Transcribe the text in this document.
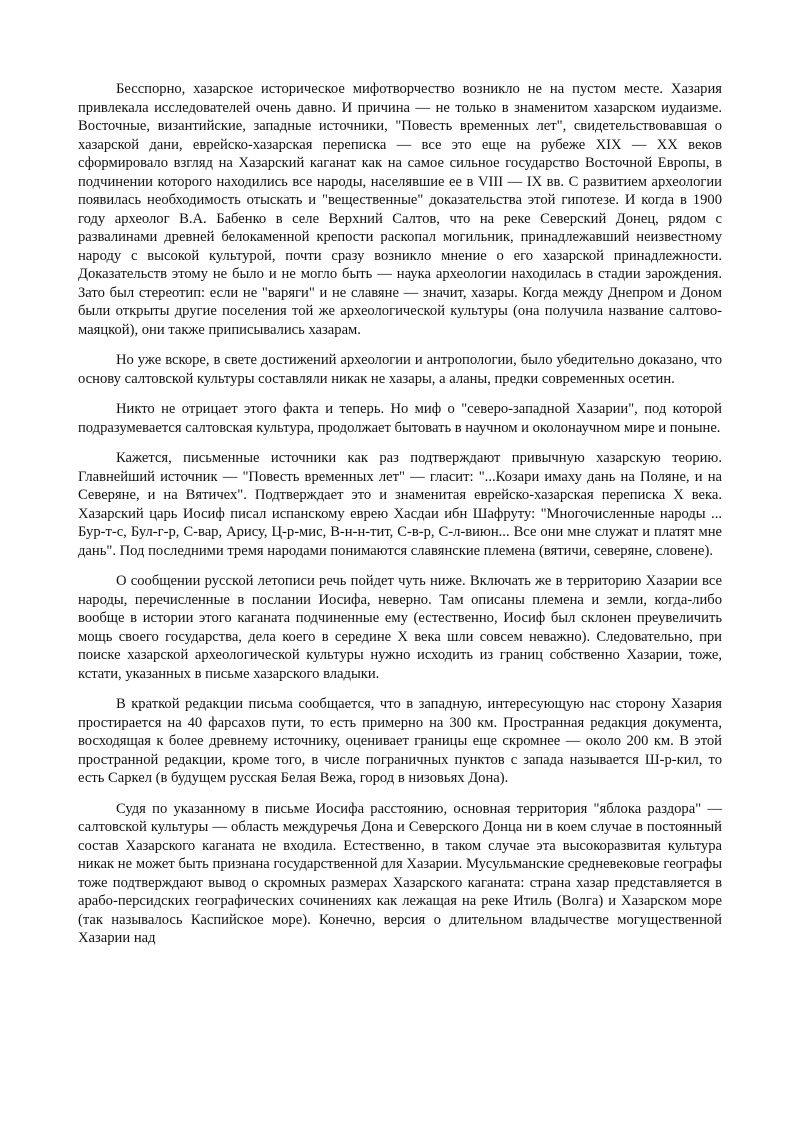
Бесспорно, хазарское историческое мифотворчество возникло не на пустом месте. Хазария привлекала исследователей очень давно. И причина — не только в знаменитом хазарском иудаизме. Восточные, византийские, западные источники, "Повесть временных лет", свидетельствовавшая о хазарской дани, еврейско-хазарская переписка — все это еще на рубеже XIX — XX веков сформировало взгляд на Хазарский каганат как на самое сильное государство Восточной Европы, в подчинении которого находились все народы, населявшие ее в VIII — IX вв. С развитием археологии появилась необходимость отыскать и "вещественные" доказательства этой гипотезе. И когда в 1900 году археолог В.А. Бабенко в селе Верхний Салтов, что на реке Северский Донец, рядом с развалинами древней белокаменной крепости раскопал могильник, принадлежавший неизвестному народу с высокой культурой, почти сразу возникло мнение о его хазарской принадлежности. Доказательств этому не было и не могло быть — наука археологии находилась в стадии зарождения. Зато был стереотип: если не "варяги" и не славяне — значит, хазары. Когда между Днепром и Доном были открыты другие поселения той же археологической культуры (она получила название салтово-маяцкой), они также приписывались хазарам.

Но уже вскоре, в свете достижений археологии и антропологии, было убедительно доказано, что основу салтовской культуры составляли никак не хазары, а аланы, предки современных осетин.

Никто не отрицает этого факта и теперь. Но миф о "северо-западной Хазарии", под которой подразумевается салтовская культура, продолжает бытовать в научном и околонаучном мире и поныне.

Кажется, письменные источники как раз подтверждают привычную хазарскую теорию. Главнейший источник — "Повесть временных лет" — гласит: "...Козари имаху дань на Поляне, и на Северяне, и на Вятичех". Подтверждает это и знаменитая еврейско-хазарская переписка X века. Хазарский царь Иосиф писал испанскому еврею Хасдаи ибн Шафруту: "Многочисленные народы ... Бур-т-с, Бул-г-р, С-вар, Арису, Ц-р-мис, В-н-н-тит, С-в-р, С-л-виюн... Все они мне служат и платят мне дань". Под последними тремя народами понимаются славянские племена (вятичи, северяне, словене).

О сообщении русской летописи речь пойдет чуть ниже. Включать же в территорию Хазарии все народы, перечисленные в послании Иосифа, неверно. Там описаны племена и земли, когда-либо вообще в истории этого каганата подчиненные ему (естественно, Иосиф был склонен преувеличить мощь своего государства, дела коего в середине X века шли совсем неважно). Следовательно, при поиске хазарской археологической культуры нужно исходить из границ собственно Хазарии, тоже, кстати, указанных в письме хазарского владыки.

В краткой редакции письма сообщается, что в западную, интересующую нас сторону Хазария простирается на 40 фарсахов пути, то есть примерно на 300 км. Пространная редакция документа, восходящая к более древнему источнику, оценивает границы еще скромнее — около 200 км. В этой пространной редакции, кроме того, в числе пограничных пунктов с запада называется Ш-р-кил, то есть Саркел (в будущем русская Белая Вежа, город в низовьях Дона).

Судя по указанному в письме Иосифа расстоянию, основная территория "яблока раздора" — салтовской культуры — область междуречья Дона и Северского Донца ни в коем случае в постоянный состав Хазарского каганата не входила. Естественно, в таком случае эта высокоразвитая культура никак не может быть признана государственной для Хазарии. Мусульманские средневековые географы тоже подтверждают вывод о скромных размерах Хазарского каганата: страна хазар представляется в арабо-персидских географических сочинениях как лежащая на реке Итиль (Волга) и Хазарском море (так называлось Каспийское море). Конечно, версия о длительном владычестве могущественной Хазарии над
